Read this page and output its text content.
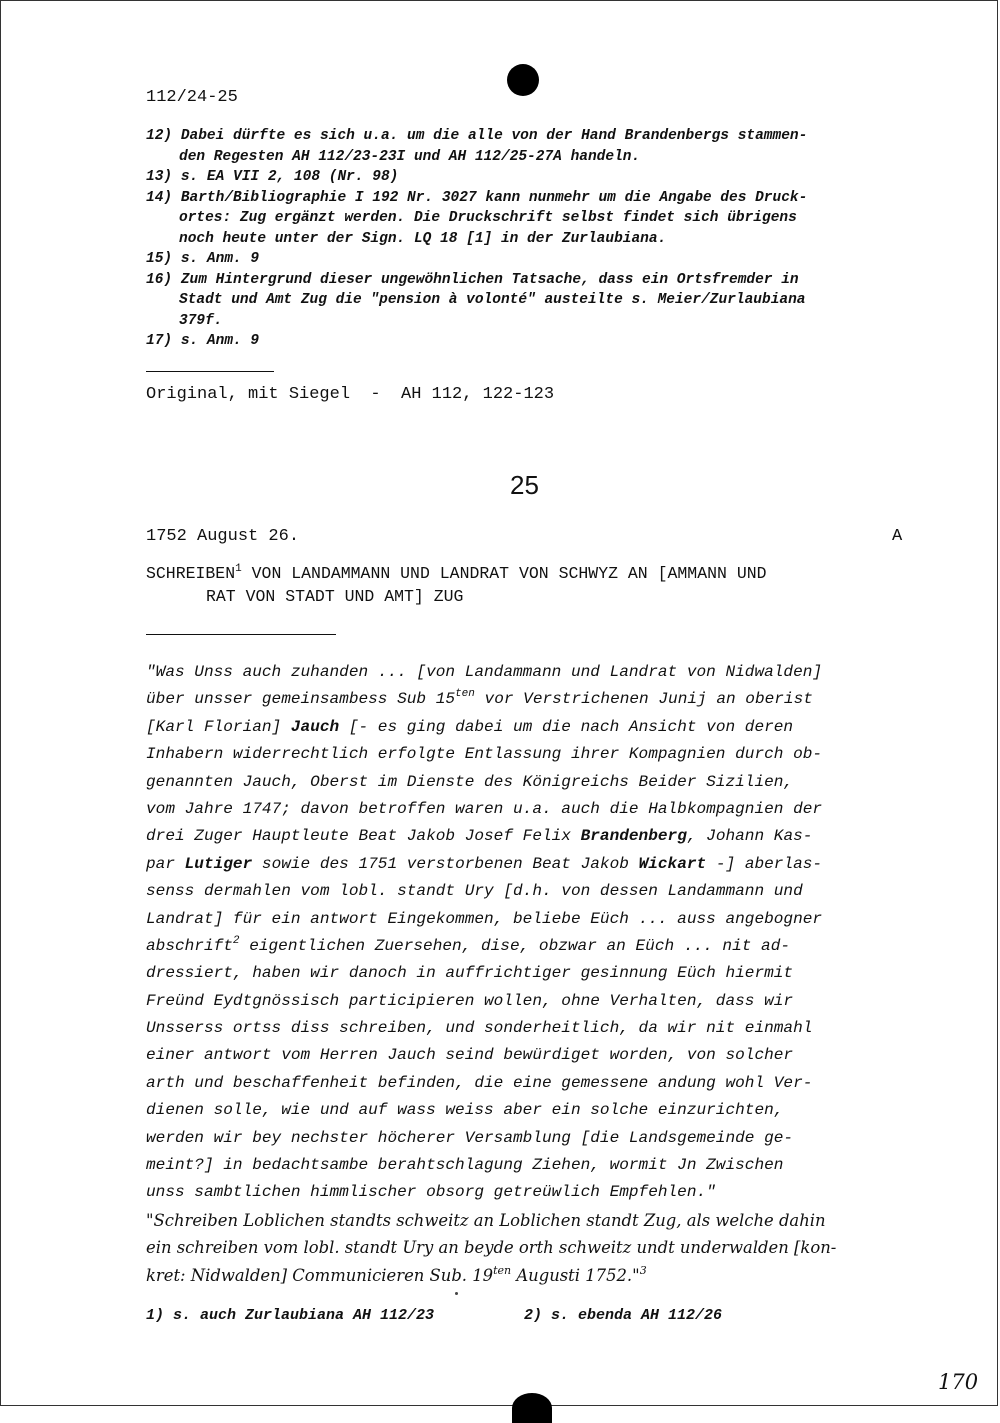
112/24-25
12) Dabei dürfte es sich u.a. um die alle von der Hand Brandenbergs stammen-
den Regesten AH 112/23-23I und AH 112/25-27A handeln.
13) s. EA VII 2, 108 (Nr. 98)
14) Barth/Bibliographie I 192 Nr. 3027 kann nunmehr um die Angabe des Druck-
ortes: Zug ergänzt werden. Die Druckschrift selbst findet sich übrigens
noch heute unter der Sign. LQ 18 [1] in der Zurlaubiana.
15) s. Anm. 9
16) Zum Hintergrund dieser ungewöhnlichen Tatsache, dass ein Ortsfremder in
Stadt und Amt Zug die "pension à volonté" austeilte s. Meier/Zurlaubiana
379f.
17) s. Anm. 9
Original, mit Siegel  -  AH 112, 122-123
25
1752 August 26.	A
SCHREIBEN$^1$ VON LANDAMMANN UND LANDRAT VON SCHWYZ AN [AMMANN UND
RAT VON STADT UND AMT] ZUG
"Was Unss auch zuhanden ... [von Landammann und Landrat von Nidwalden]
über unsser gemeinsambess Sub $15^{ten}$ vor Verstrichenen Junij an oberist
[Karl Florian] Jauch [- es ging dabei um die nach Ansicht von deren
Inhabern widerrechtlich erfolgte Entlassung ihrer Kompagnien durch ob-
genannten Jauch, Oberst im Dienste des Königreichs Beider Sizilien,
vom Jahre 1747; davon betroffen waren u.a. auch die Halbkompagnien der
drei Zuger Hauptleute Beat Jakob Josef Felix Brandenberg, Johann Kas-
par Lutiger sowie des 1751 verstorbenen Beat Jakob Wickart -] aberlas-
senss dermahlen vom lobl. standt Ury [d.h. von dessen Landammann und
Landrat] für ein antwort Eingekommen, beliebe Eüch ... auss angebogner
abschrift$^2$ eigentlichen Zuersehen, dise, obzwar an Eüch ... nit ad-
dressiert, haben wir danoch in auffrichtiger gesinnung Eüch hiermit
Freünd Eydtgnössisch participieren wollen, ohne Verhalten, dass wir
Unsserss ortss diss schreiben, und sonderheitlich, da wir nit einmahl
einer antwort vom Herren Jauch seind bewürdiget worden, von solcher
arth und beschaffenheit befinden, die eine gemessene andung wohl Ver-
dienen solle, wie und auf wass weiss aber ein solche einzurichten,
werden wir bey nechster höcherer Versamblung [die Landsgemeinde ge-
meint?] in bedachtsambe berahtschlagung Ziehen, wormit Jn Zwischen
unss sambtlichen himmlischer obsorg getreüwlich Empfehlen."
"Schreiben Loblichen standts schweitz an Loblichen standt Zug, als welche dahin
ein schreiben vom lobl. standt Ury an beyde orth schweitz undt underwalden [kon-
kret: Nidwalden] Communicieren Sub. $19^{ten}$ Augusti 1752."$^3$
1) s. auch Zurlaubiana AH 112/23	2) s. ebenda AH 112/26
170
